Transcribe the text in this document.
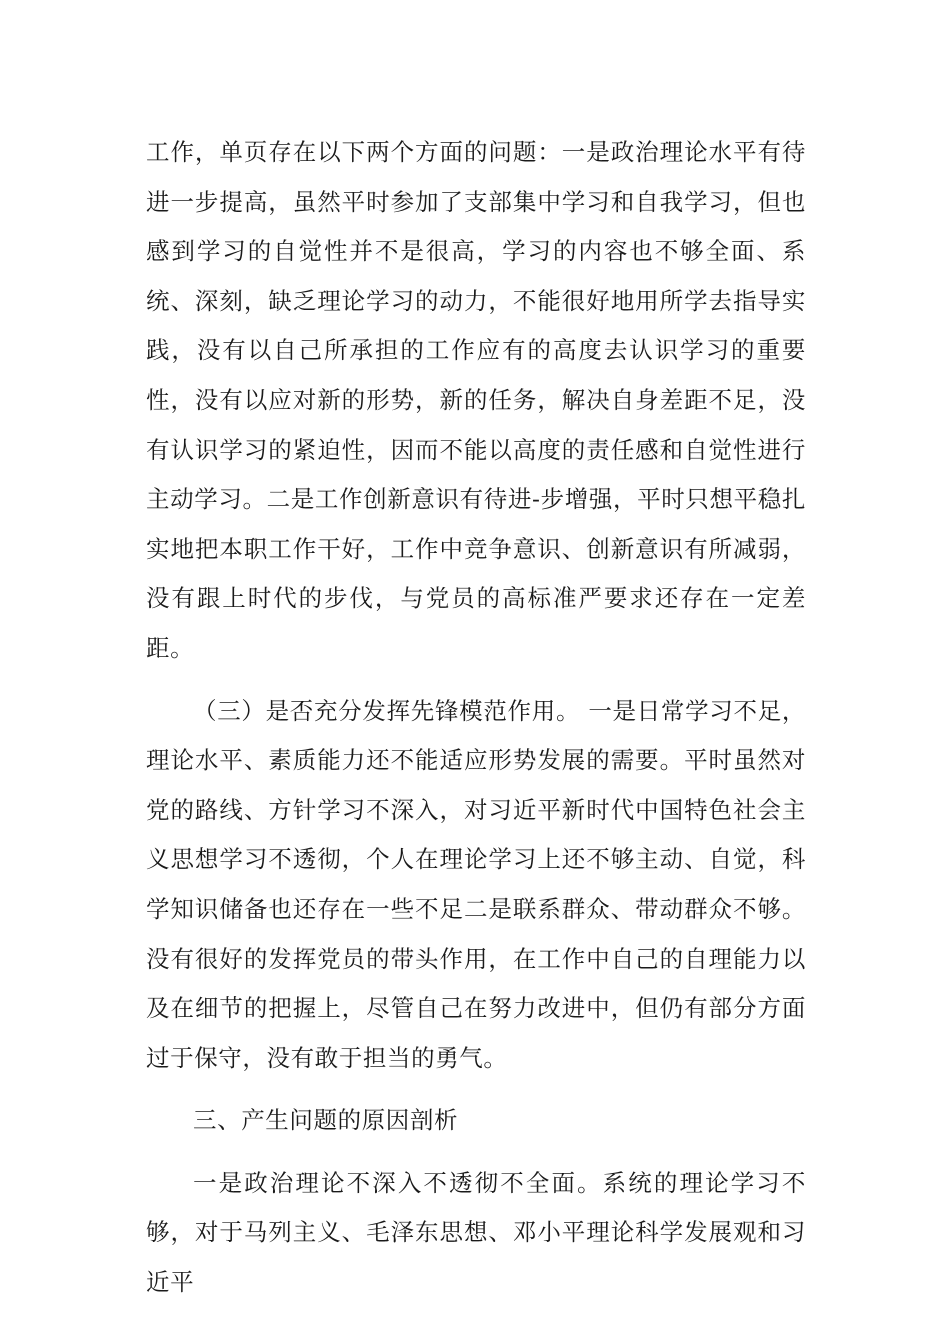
工作，单页存在以下两个方面的问题：一是政治理论水平有待进一步提高，虽然平时参加了支部集中学习和自我学习，但也感到学习的自觉性并不是很高，学习的内容也不够全面、系统、深刻，缺乏理论学习的动力，不能很好地用所学去指导实践，没有以自己所承担的工作应有的高度去认识学习的重要性，没有以应对新的形势，新的任务，解决自身差距不足，没有认识学习的紧迫性，因而不能以高度的责任感和自觉性进行主动学习。二是工作创新意识有待进-步增强，平时只想平稳扎实地把本职工作干好，工作中竞争意识、创新意识有所减弱，没有跟上时代的步伐，与党员的高标准严要求还存在一定差距。

（三）是否充分发挥先锋模范作用。 一是日常学习不足，理论水平、素质能力还不能适应形势发展的需要。平时虽然对党的路线、方针学习不深入，对习近平新时代中国特色社会主义思想学习不透彻，个人在理论学习上还不够主动、自觉，科学知识储备也还存在一些不足二是联系群众、带动群众不够。没有很好的发挥党员的带头作用，在工作中自己的自理能力以及在细节的把握上，尽管自己在努力改进中，但仍有部分方面过于保守，没有敢于担当的勇气。

三、产生问题的原因剖析

一是政治理论不深入不透彻不全面。系统的理论学习不够，对于马列主义、毛泽东思想、邓小平理论科学发展观和习近平
